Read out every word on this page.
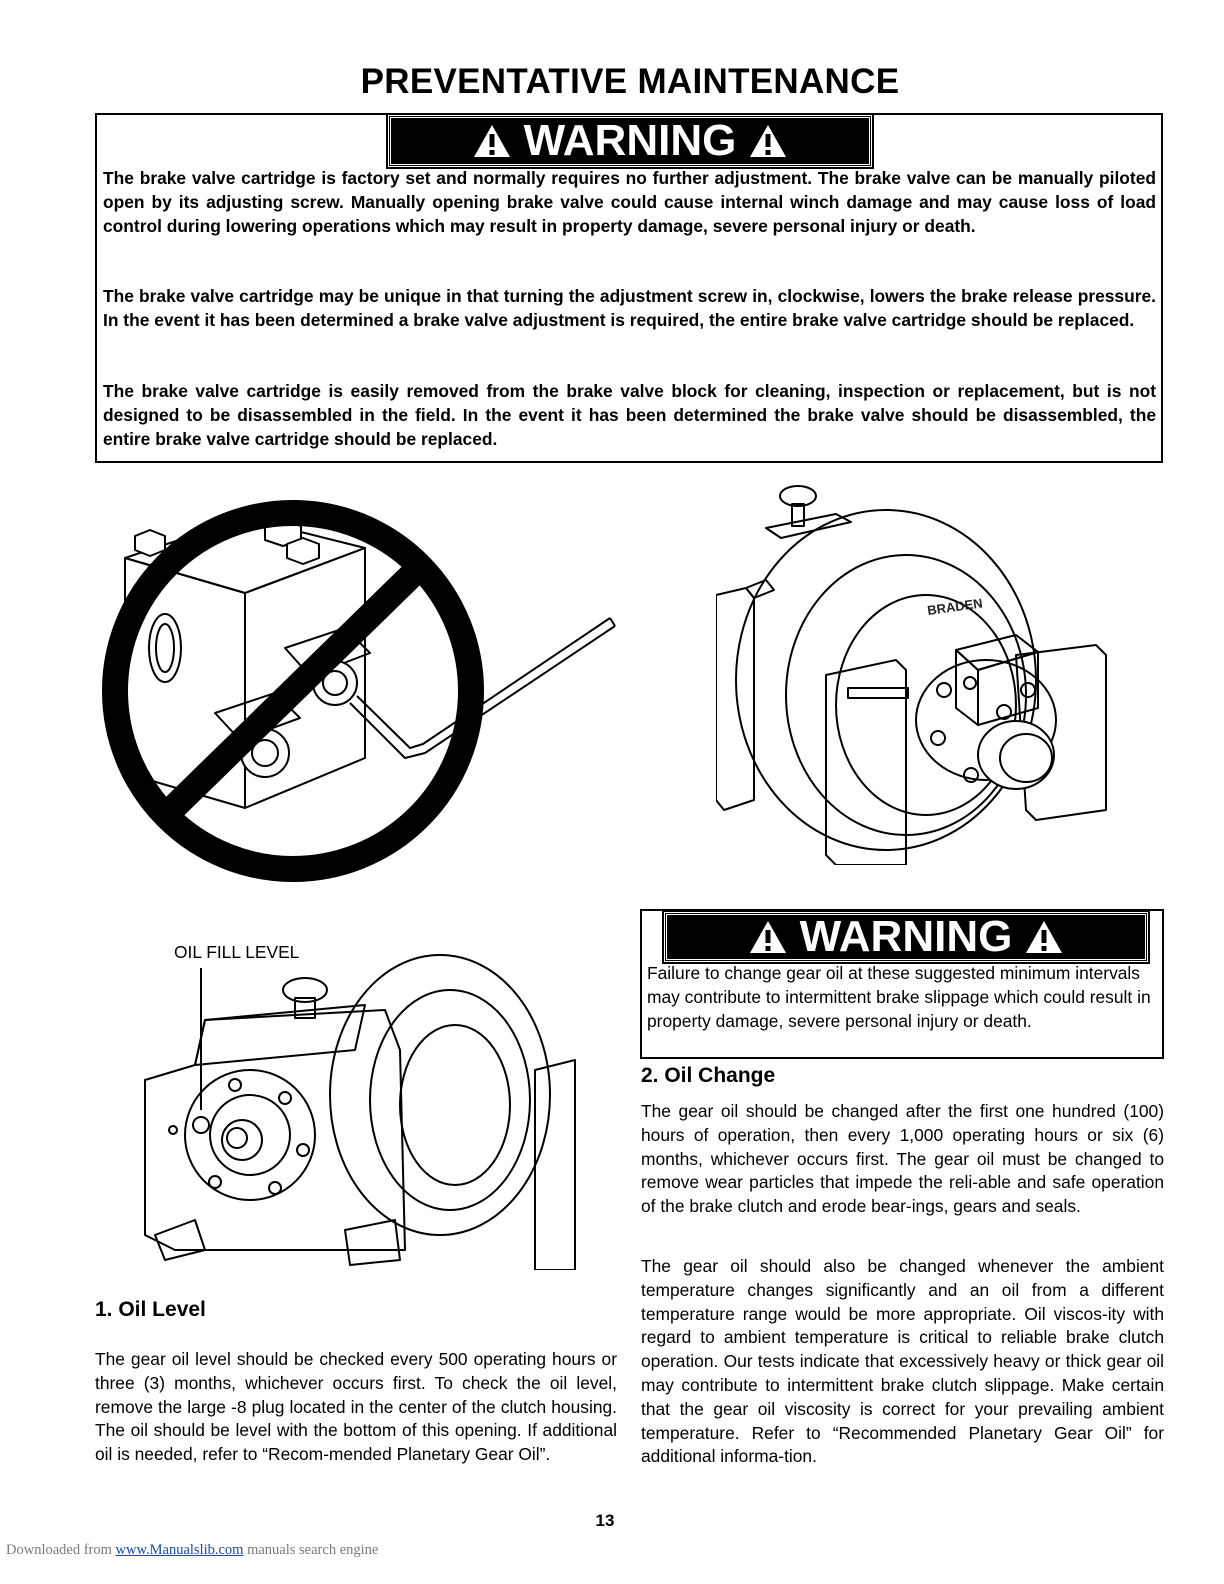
PREVENTATIVE MAINTENANCE
WARNING
The brake valve cartridge is factory set and normally requires no further adjustment. The brake valve can be manually piloted open by its adjusting screw. Manually opening brake valve could cause internal winch damage and may cause loss of load control during lowering operations which may result in property damage, severe personal injury or death.
The brake valve cartridge may be unique in that turning the adjustment screw in, clockwise, lowers the brake release pressure. In the event it has been determined a brake valve adjustment is required, the entire brake valve cartridge should be replaced.
The brake valve cartridge is easily removed from the brake valve block for cleaning, inspection or replacement, but is not designed to be disassembled in the field. In the event it has been determined the brake valve should be disassembled, the entire brake valve cartridge should be replaced.
BRADEN
OIL FILL LEVEL	WARNING
Failure to change gear oil at these suggested minimum intervals may contribute to intermittent brake slippage which could result in property damage, severe personal injury or death.
1. Oil Level
The gear oil level should be checked every 500 operating hours or three (3) months, whichever occurs first. To check the oil level, remove the large -8 plug located in the center of the clutch housing. The oil should be level with the bottom of this opening. If additional oil is needed, refer to “Recom-mended Planetary Gear Oil”.
2. Oil Change
The gear oil should be changed after the first one hundred (100) hours of operation, then every 1,000 operating hours or six (6) months, whichever occurs first. The gear oil must be changed to remove wear particles that impede the reli-able and safe operation of the brake clutch and erode bear-ings, gears and seals.
The gear oil should also be changed whenever the ambient temperature changes significantly and an oil from a different temperature range would be more appropriate. Oil viscos-ity with regard to ambient temperature is critical to reliable brake clutch operation. Our tests indicate that excessively heavy or thick gear oil may contribute to intermittent brake clutch slippage. Make certain that the gear oil viscosity is correct for your prevailing ambient temperature. Refer to “Recommended Planetary Gear Oil” for additional informa-tion.
13
Downloaded from www.Manualslib.com manuals search engine
